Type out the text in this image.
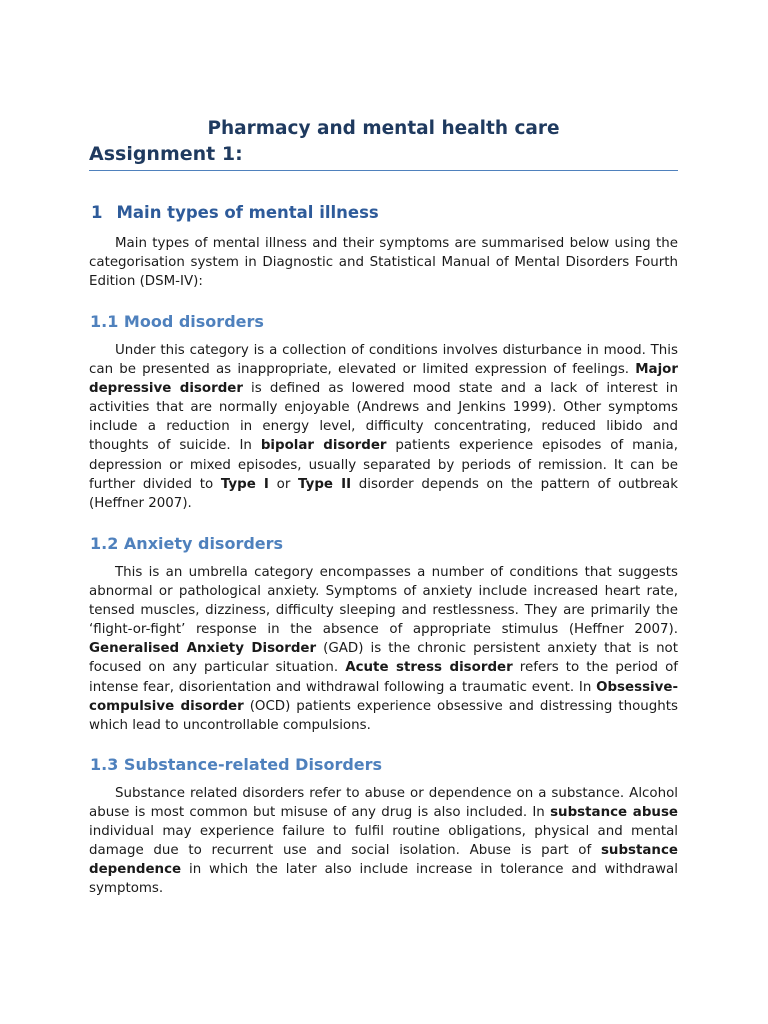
Pharmacy and mental health care
Assignment 1:
1 Main types of mental illness

Main types of mental illness and their symptoms are summarised below using the categorisation system in Diagnostic and Statistical Manual of Mental Disorders Fourth Edition (DSM-IV):

1.1 Mood disorders

Under this category is a collection of conditions involves disturbance in mood. This can be presented as inappropriate, elevated or limited expression of feelings. Major depressive disorder is defined as lowered mood state and a lack of interest in activities that are normally enjoyable (Andrews and Jenkins 1999). Other symptoms include a reduction in energy level, difficulty concentrating, reduced libido and thoughts of suicide. In bipolar disorder patients experience episodes of mania, depression or mixed episodes, usually separated by periods of remission. It can be further divided to Type I or Type II disorder depends on the pattern of outbreak (Heffner 2007).

1.2 Anxiety disorders

This is an umbrella category encompasses a number of conditions that suggests abnormal or pathological anxiety. Symptoms of anxiety include increased heart rate, tensed muscles, dizziness, difficulty sleeping and restlessness. They are primarily the ‘flight-or-fight’ response in the absence of appropriate stimulus (Heffner 2007). Generalised Anxiety Disorder (GAD) is the chronic persistent anxiety that is not focused on any particular situation. Acute stress disorder refers to the period of intense fear, disorientation and withdrawal following a traumatic event. In Obsessive-compulsive disorder (OCD) patients experience obsessive and distressing thoughts which lead to uncontrollable compulsions.

1.3 Substance-related Disorders

Substance related disorders refer to abuse or dependence on a substance. Alcohol abuse is most common but misuse of any drug is also included. In substance abuse individual may experience failure to fulfil routine obligations, physical and mental damage due to recurrent use and social isolation. Abuse is part of substance dependence in which the later also include increase in tolerance and withdrawal symptoms.
